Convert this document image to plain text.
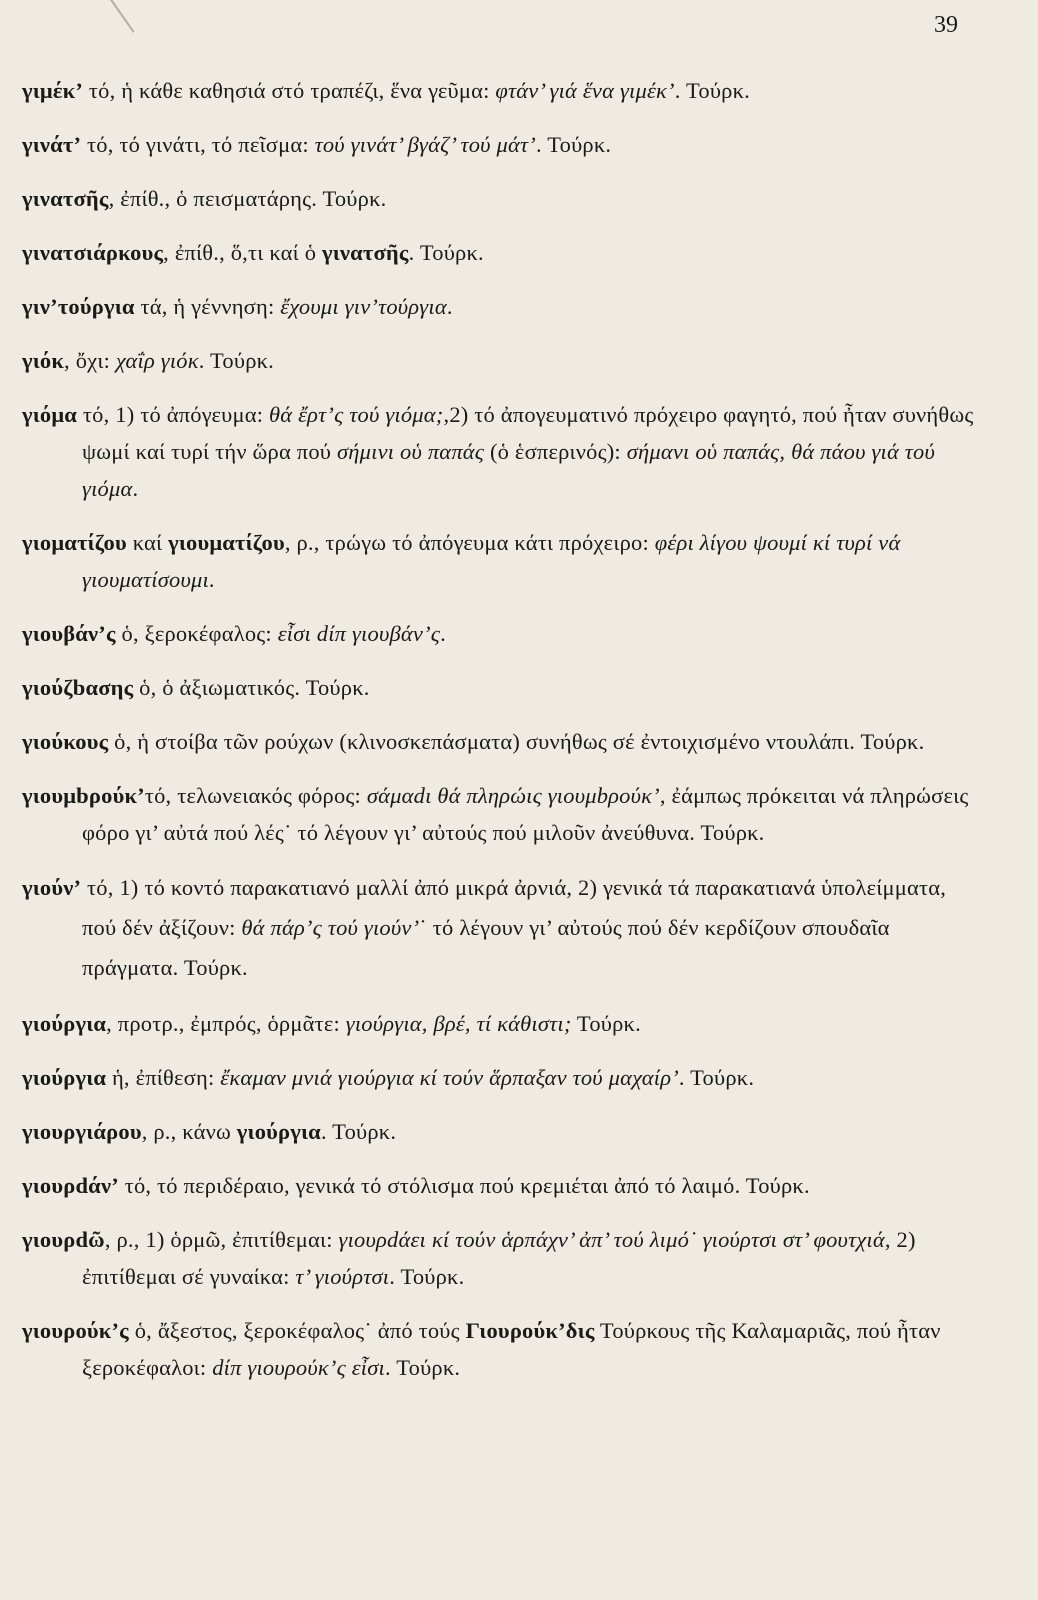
39

γιμέκ’ τό, ἡ κάθε καθησιά στό τραπέζι, ἕνα γεῦμα: φτάν’ γιά ἕνα γιμέκ’. Τούρκ.

γινάτ’ τό, τό γινάτι, τό πεῖσμα: τού γινάτ’ βγάζ’ τού μάτ’. Τούρκ.

γινατσῆς, ἐπίθ., ὁ πεισματάρης. Τούρκ.

γινατσιάρκους, ἐπίθ., ὅ,τι καί ὁ γινατσῆς. Τούρκ.

γιν’τούργια τά, ἡ γέννηση: ἔχουμι γιν’τούργια.

γιόκ, ὄχι: χαΐρ γιόκ. Τούρκ.

γιόμα τό, 1) τό ἀπόγευμα: θά ἔρτ’ς τού γιόμα;,2) τό ἀπογευματινό πρόχειρο φαγητό, πού ἦταν συνήθως ψωμί καί τυρί τήν ὥρα πού σήμινι οὑ παπάς (ὁ ἑσπερινός): σήμανι οὑ παπάς, θά πάου γιά τού γιόμα.

γιοματίζου καί γιουματίζου, ρ., τρώγω τό ἀπόγευμα κάτι πρόχειρο: φέρι λίγου ψουμί κί τυρί νά γιουματίσουμι.

γιουβάν’ς ὁ, ξεροκέφαλος: εἶσι dίπ γιουβάν’ς.

γιούζbασης ὁ, ὁ ἀξιωματικός. Τούρκ.

γιούκους ὁ, ἡ στοίβα τῶν ρούχων (κλινοσκεπάσματα) συνήθως σέ ἐντοιχισμένο ντουλάπι. Τούρκ.

γιουμbρούκ’τό, τελωνειακός φόρος: σάμαdι θά πληρώις γιουμbρούκ’, ἐάμπως πρόκειται νά πληρώσεις φόρο γι’ αὐτά πού λές˙ τό λέγουν γι’ αὐτούς πού μιλοῦν ἀνεύθυνα. Τούρκ.

γιούν’ τό, 1) τό κοντό παρακατιανό μαλλί ἀπό μικρά ἀρνιά, 2) γενικά τά παρακατιανά ὑπολείμματα, πού δέν ἀξίζουν: θά πάρ’ς τού γιούν’˙ τό λέγουν γι’ αὐτούς πού δέν κερδίζουν σπουδαῖα πράγματα. Τούρκ.

γιούργια, προτρ., ἐμπρός, ὁρμᾶτε: γιούργια, βρέ, τί κάθιστι; Τούρκ.

γιούργια ἡ, ἐπίθεση: ἔκαμαν μνιά γιούργια κί τούν ἅρπαξαν τού μαχαίρ’. Τούρκ.

γιουργιάρου, ρ., κάνω γιούργια. Τούρκ.

γιουρdάν’ τό, τό περιδέραιο, γενικά τό στόλισμα πού κρεμιέται ἀπό τό λαιμό. Τούρκ.

γιουρdῶ, ρ., 1) ὁρμῶ, ἐπιτίθεμαι: γιουρdάει κί τούν ἁρπάχν’ ἀπ’ τού λιμό˙ γιούρτσι στ’ φουτχιά, 2) ἐπιτίθεμαι σέ γυναίκα: τ’ γιούρτσι. Τούρκ.

γιουρούκ’ς ὁ, ἄξεστος, ξεροκέφαλος˙ ἀπό τούς Γιουρούκ’δις Τούρκους τῆς Καλαμαριᾶς, πού ἦταν ξεροκέφαλοι: dίπ γιουρούκ’ς εἶσι. Τούρκ.
